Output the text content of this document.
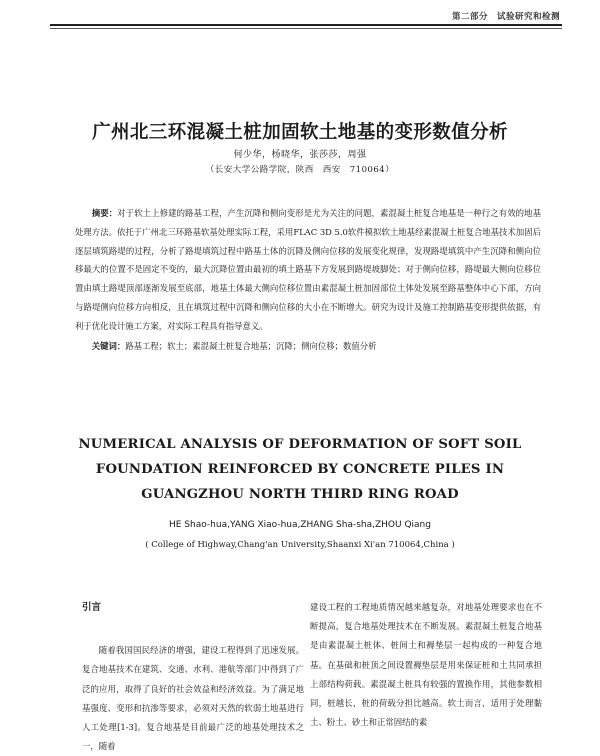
第二部分　试验研究和检测
广州北三环混凝土桩加固软土地基的变形数值分析
何少华，杨晓华，张莎莎，周强
（长安大学公路学院，陕西　西安　710064）
摘要：对于软土上修建的路基工程，产生沉降和侧向变形是尤为关注的问题，素混凝土桩复合地基是一种行之有效的地基处理方法。依托于广州北三环路基软基处理实际工程，采用FLAC 3D 5.0软件模拟软土地基经素混凝土桩复合地基技术加固后逐层填筑路堤的过程，分析了路堤填筑过程中路基土体的沉降及侧向位移的发展变化规律，发现路堤填筑中产生沉降和侧向位移最大的位置不是固定不变的，最大沉降位置由最初的填土路基下方发展到路堤坡脚处；对于侧向位移，路堤最大侧向位移位置由填土路堤顶部逐渐发展至底部，地基土体最大侧向位移位置由素混凝土桩加固部位土体处发展至路基整体中心下部，方向与路堤侧向位移方向相反，且在填筑过程中沉降和侧向位移的大小在不断增大。研究为设计及施工控制路基变形提供依据，有利于优化设计施工方案，对实际工程具有指导意义。
关键词：路基工程；软土；素混凝土桩复合地基；沉降；侧向位移；数值分析
NUMERICAL ANALYSIS OF DEFORMATION OF SOFT SOIL
FOUNDATION REINFORCED BY CONCRETE PILES IN
GUANGZHOU NORTH THIRD RING ROAD
HE Shao-hua,YANG Xiao-hua,ZHANG Sha-sha,ZHOU Qiang
( College of Highway,Chang'an University,Shaanxi Xi'an 710064,China )
引言

随着我国国民经济的增强，建设工程得到了迅速发展。复合地基技术在建筑、交通、水利、港航等部门中得到了广泛的应用，取得了良好的社会效益和经济效益。为了满足地基强度、变形和抗渗等要求，必须对天然的软弱土地基进行人工处理[1-3]。复合地基是目前最广泛的地基处理技术之一，随着

建设工程的工程地质情况越来越复杂，对地基处理要求也在不断提高，复合地基处理技术在不断发展。素混凝土桩复合地基是由素混凝土桩体、桩间土和褥垫层一起构成的一种复合地基。在基础和桩顶之间设置褥垫层是用来保证桩和土共同承担上部结构荷载。素混凝土桩具有较强的置换作用，其他参数相同，桩越长，桩的荷载分担比越高。软土而言，适用于处理黏土、粉土、砂土和正常固结的素
